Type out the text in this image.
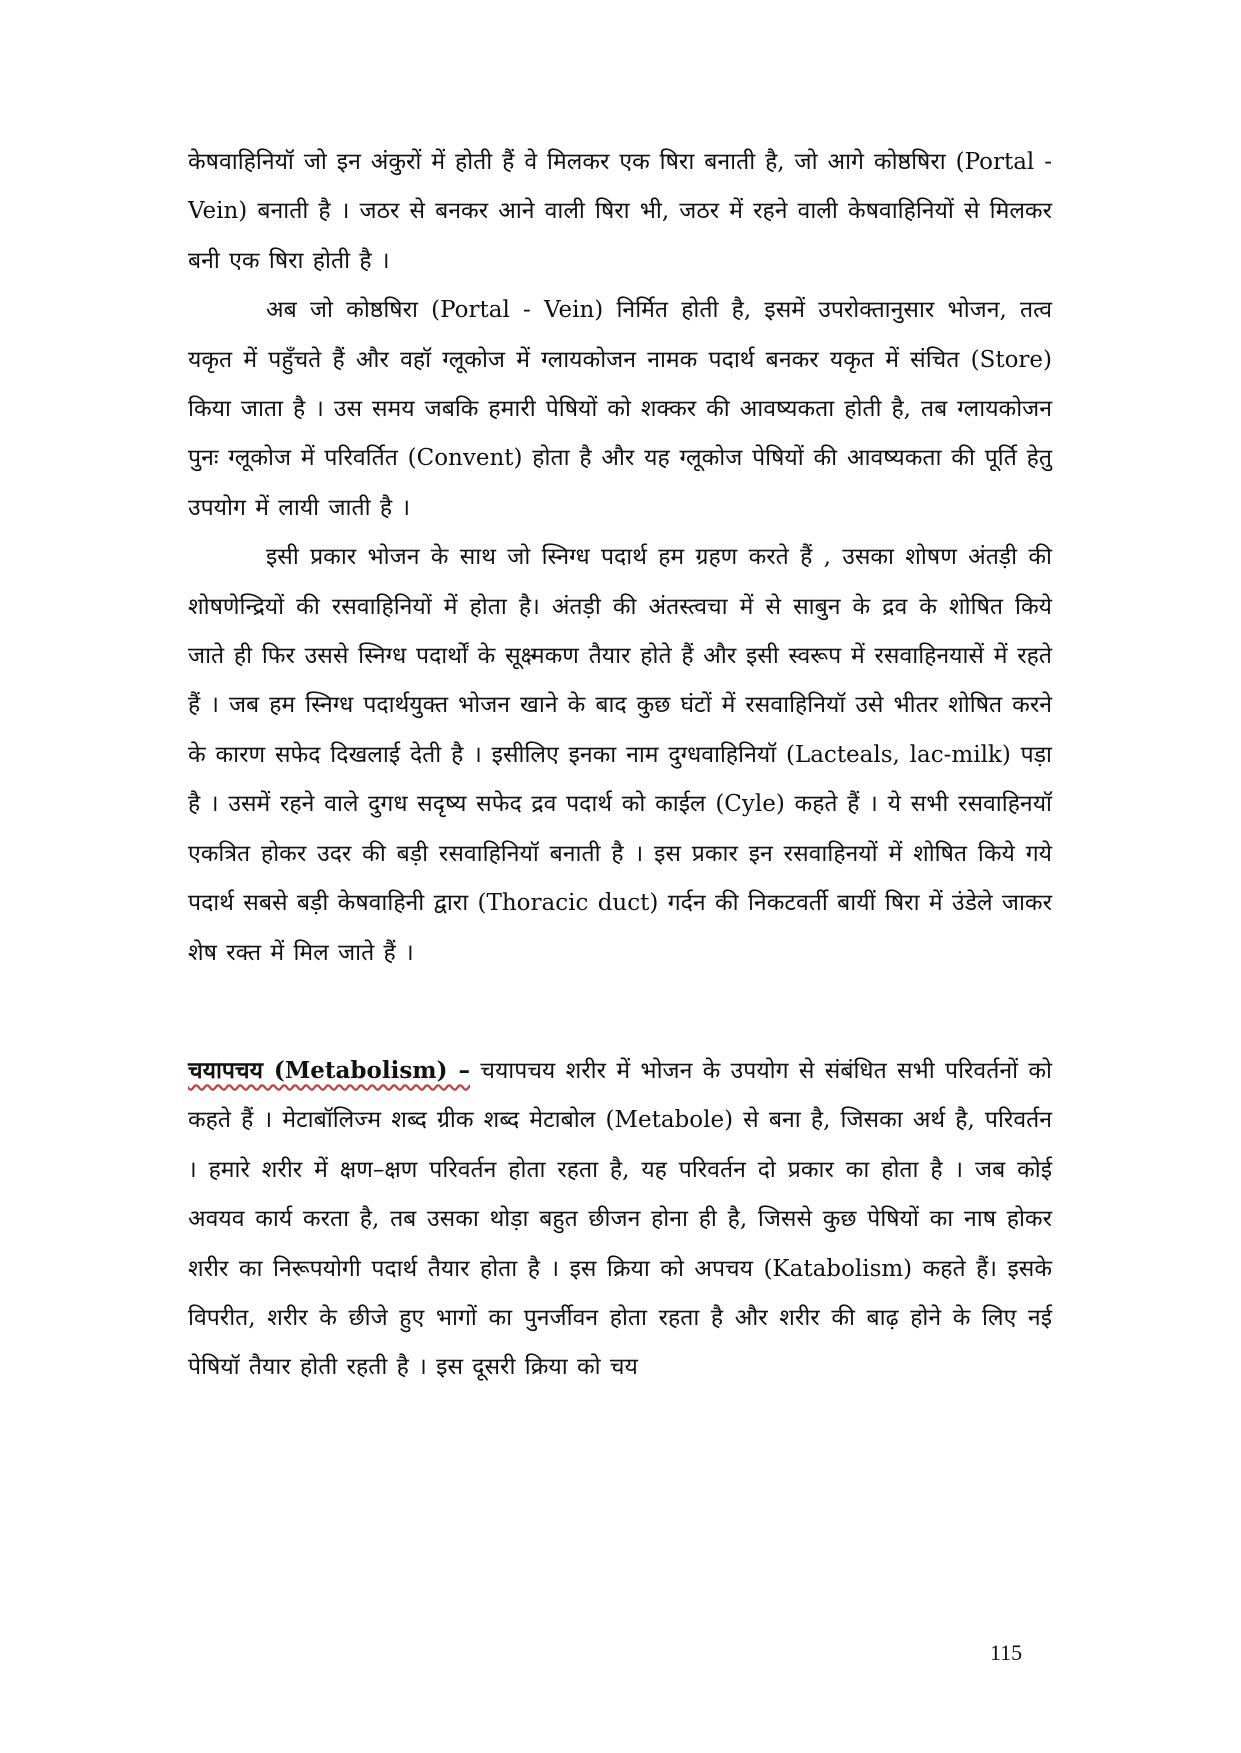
केषवाहिनियॉ जो इन अंकुरों में होती हैं वे मिलकर एक षिरा बनाती है, जो आगे कोष्ठषिरा (Portal - Vein) बनाती है । जठर से बनकर आने वाली षिरा भी, जठर में रहने वाली केषवाहिनियों से मिलकर बनी एक षिरा होती है ।

अब जो कोष्ठषिरा (Portal - Vein) निर्मित होती है, इसमें उपरोक्तानुसार भोजन, तत्व यकृत में पहुॅंचते हैं और वहॉ ग्लूकोज में ग्लायकोजन नामक पदार्थ बनकर यकृत में संचित (Store) किया जाता है । उस समय जबकि हमारी पेषियों को शक्कर की आवष्यकता होती है, तब ग्लायकोजन पुनः ग्लूकोज में परिवर्तित (Convent) होता है और यह ग्लूकोज पेषियों की आवष्यकता की पूर्ति हेतु उपयोग में लायी जाती है ।

इसी प्रकार भोजन के साथ जो स्निग्ध पदार्थ हम ग्रहण करते हैं , उसका शोषण अंतड़ी की शोषणेन्द्रियों की रसवाहिनियों में होता है। अंतड़ी की अंतस्त्वचा में से साबुन के द्रव के शोषित किये जाते ही फिर उससे स्निग्ध पदार्थों के सूक्ष्मकण तैयार होते हैं और इसी स्वरूप में रसवाहिनयासें में रहते हैं । जब हम स्निग्ध पदार्थयुक्त भोजन खाने के बाद कुछ घंटों में रसवाहिनियॉ उसे भीतर शोषित करने के कारण सफेद दिखलाई देती है । इसीलिए इनका नाम दुग्धवाहिनियॉ (Lacteals, lac-milk) पड़ा है । उसमें रहने वाले दुगध सदृष्य सफेद द्रव पदार्थ को काईल (Cyle) कहते हैं । ये सभी रसवाहिनयॉ एकत्रित होकर उदर की बड़ी रसवाहिनियॉ बनाती है । इस प्रकार इन रसवाहिनयों में शोषित किये गये पदार्थ सबसे बड़ी केषवाहिनी द्वारा (Thoracic duct) गर्दन की निकटवर्ती बायीं षिरा में उंडेले जाकर शेष रक्त में मिल जाते हैं ।

चयापचय (Metabolism) – चयापचय शरीर में भोजन के उपयोग से संबंधित सभी परिवर्तनों को कहते हैं । मेटाबॉलिज्म शब्द ग्रीक शब्द मेटाबोल (Metabole) से बना है, जिसका अर्थ है, परिवर्तन । हमारे शरीर में क्षण–क्षण परिवर्तन होता रहता है, यह परिवर्तन दो प्रकार का होता है । जब कोई अवयव कार्य करता है, तब उसका थोड़ा बहुत छीजन होना ही है, जिससे कुछ पेषियों का नाष होकर शरीर का निरूपयोगी पदार्थ तैयार होता है । इस क्रिया को अपचय (Katabolism) कहते हैं। इसके विपरीत, शरीर के छीजे हुए भागों का पुनर्जीवन होता रहता है और शरीर की बाढ़ होने के लिए नई पेषियॉ तैयार होती रहती है । इस दूसरी क्रिया को चय

115
